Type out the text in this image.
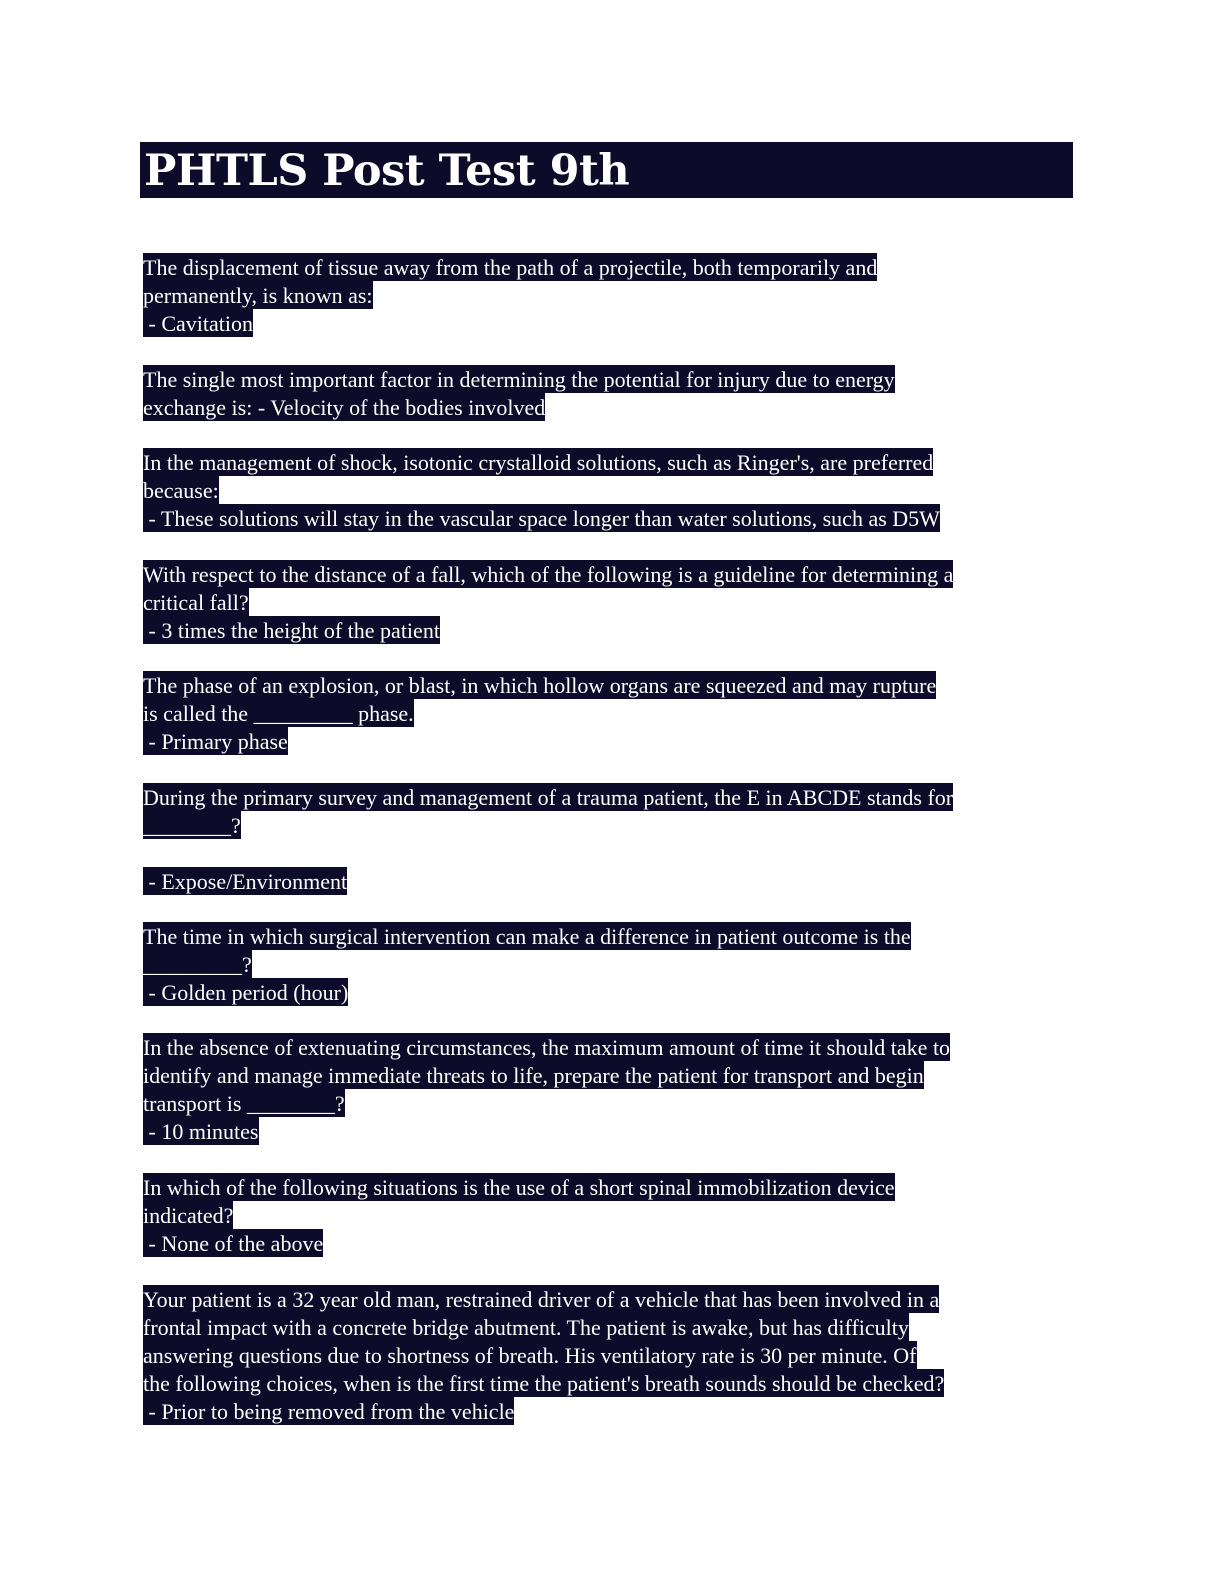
PHTLS Post Test 9th
The displacement of tissue away from the path of a projectile, both temporarily and
permanently, is known as:
- Cavitation
The single most important factor in determining the potential for injury due to energy
exchange is: - Velocity of the bodies involved
In the management of shock, isotonic crystalloid solutions, such as Ringer's, are preferred
because:
- These solutions will stay in the vascular space longer than water solutions, such as D5W
With respect to the distance of a fall, which of the following is a guideline for determining a
critical fall?
- 3 times the height of the patient
The phase of an explosion, or blast, in which hollow organs are squeezed and may rupture
is called the _________ phase.
- Primary phase
During the primary survey and management of a trauma patient, the E in ABCDE stands for
________?
- Expose/Environment
The time in which surgical intervention can make a difference in patient outcome is the
_________?
- Golden period (hour)
In the absence of extenuating circumstances, the maximum amount of time it should take to
identify and manage immediate threats to life, prepare the patient for transport and begin
transport is ________?
- 10 minutes
In which of the following situations is the use of a short spinal immobilization device
indicated?
- None of the above
Your patient is a 32 year old man, restrained driver of a vehicle that has been involved in a
frontal impact with a concrete bridge abutment. The patient is awake, but has difficulty
answering questions due to shortness of breath. His ventilatory rate is 30 per minute. Of
the following choices, when is the first time the patient's breath sounds should be checked?
- Prior to being removed from the vehicle
